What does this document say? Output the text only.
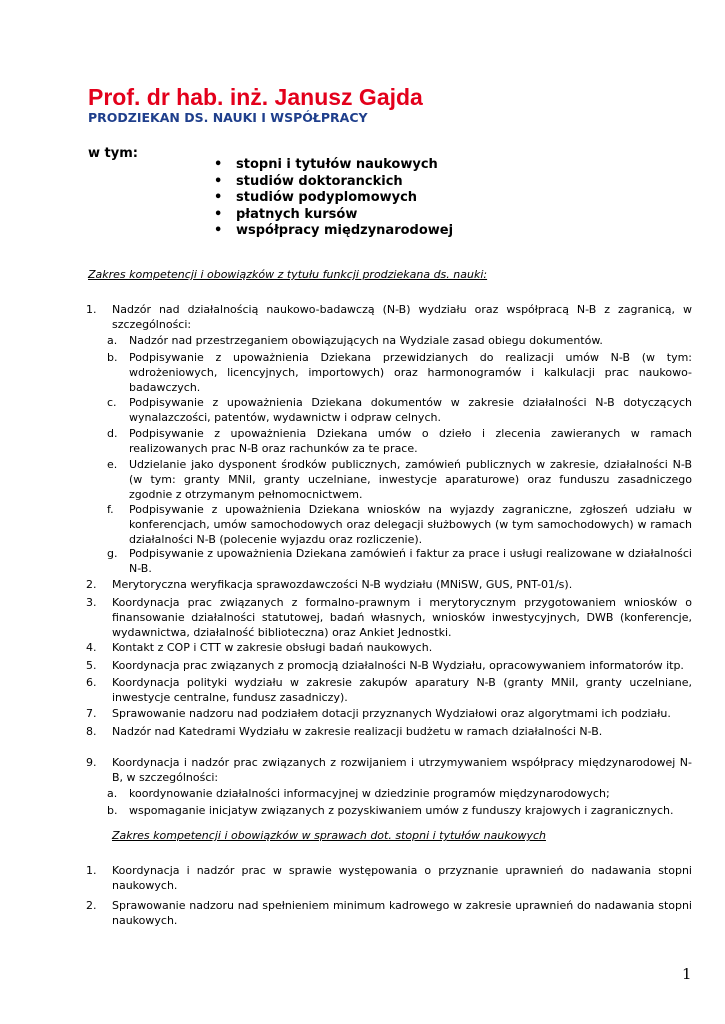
Prof. dr hab. inż. Janusz Gajda
PRODZIEKAN DS. NAUKI I WSPÓŁPRACY

w tym:

• stopni i tytułów naukowych
• studiów doktoranckich
• studiów podyplomowych
• płatnych kursów
• współpracy międzynarodowej

Zakres kompetencji i obowiązków z tytułu funkcji prodziekana ds. nauki:

1. Nadzór nad działalnością naukowo-badawczą (N-B) wydziału oraz współpracą N-B z zagranicą, w szczególności:
a. Nadzór nad przestrzeganiem obowiązujących na Wydziale zasad obiegu dokumentów.
b. Podpisywanie z upoważnienia Dziekana przewidzianych do realizacji umów N-B (w tym: wdrożeniowych, licencyjnych, importowych) oraz harmonogramów i kalkulacji prac naukowo-badawczych.
c. Podpisywanie z upoważnienia Dziekana dokumentów w zakresie działalności N-B dotyczących wynalazczości, patentów, wydawnictw i odpraw celnych.
d. Podpisywanie z upoważnienia Dziekana umów o dzieło i zlecenia zawieranych w ramach realizowanych prac N-B oraz rachunków za te prace.
e. Udzielanie jako dysponent środków publicznych, zamówień publicznych w zakresie, działalności N-B (w tym: granty MNiI, granty uczelniane, inwestycje aparaturowe) oraz funduszu zasadniczego zgodnie z otrzymanym pełnomocnictwem.
f. Podpisywanie z upoważnienia Dziekana wniosków na wyjazdy zagraniczne, zgłoszeń udziału w konferencjach, umów samochodowych oraz delegacji służbowych (w tym samochodowych) w ramach działalności N-B (polecenie wyjazdu oraz rozliczenie).
g. Podpisywanie z upoważnienia Dziekana zamówień i faktur za prace i usługi realizowane w działalności N-B.
2. Merytoryczna weryfikacja sprawozdawczości N-B wydziału (MNiSW, GUS, PNT-01/s).
3. Koordynacja prac związanych z formalno-prawnym i merytorycznym przygotowaniem wniosków o finansowanie działalności statutowej, badań własnych, wniosków inwestycyjnych, DWB (konferencje, wydawnictwa, działalność biblioteczna) oraz Ankiet Jednostki.
4. Kontakt z COP i CTT w zakresie obsługi badań naukowych.
5. Koordynacja prac związanych z promocją działalności N-B Wydziału, opracowywaniem informatorów itp.
6. Koordynacja polityki wydziału w zakresie zakupów aparatury N-B (granty MNiI, granty uczelniane, inwestycje centralne, fundusz zasadniczy).
7. Sprawowanie nadzoru nad podziałem dotacji przyznanych Wydziałowi oraz algorytmami ich podziału.
8. Nadzór nad Katedrami Wydziału w zakresie realizacji budżetu w ramach działalności N-B.
9. Koordynacja i nadzór prac związanych z rozwijaniem i utrzymywaniem współpracy międzynarodowej N-B, w szczególności:
a. koordynowanie działalności informacyjnej w dziedzinie programów międzynarodowych;
b. wspomaganie inicjatyw związanych z pozyskiwaniem umów z funduszy krajowych i zagranicznych.

Zakres kompetencji i obowiązków w sprawach dot. stopni i tytułów naukowych

1. Koordynacja i nadzór prac w sprawie występowania o przyznanie uprawnień do nadawania stopni naukowych.
2. Sprawowanie nadzoru nad spełnieniem minimum kadrowego w zakresie uprawnień do nadawania stopni naukowych.
1
